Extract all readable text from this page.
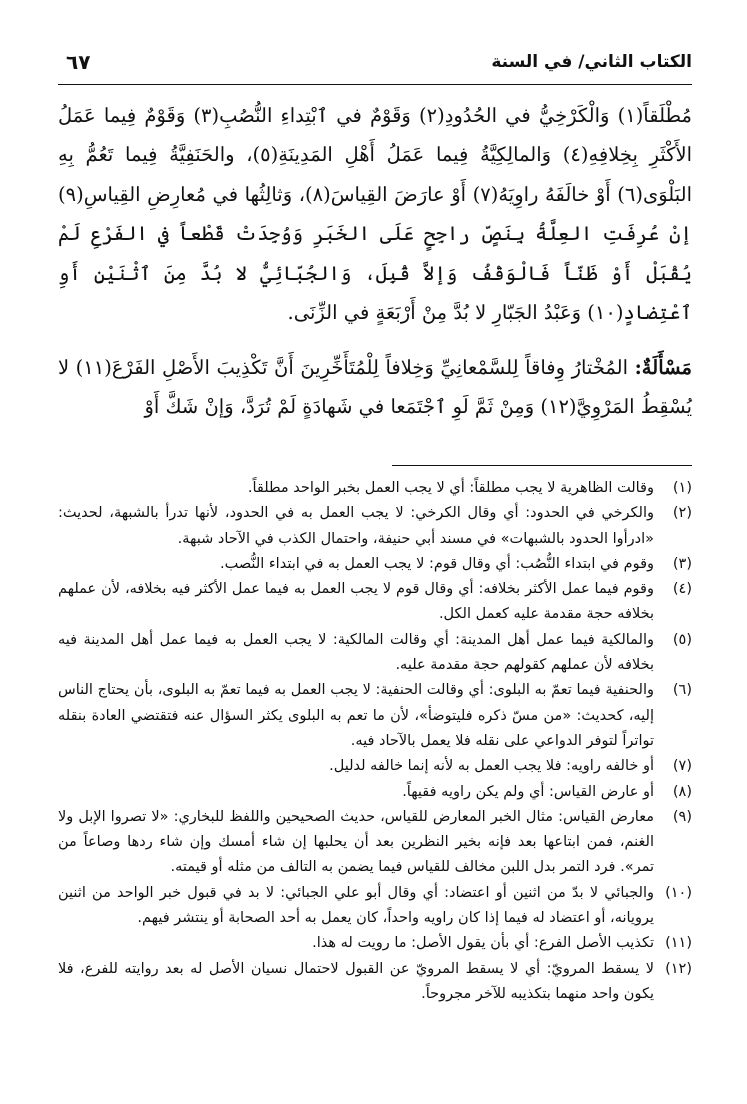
٦٧	الكتاب الثاني/ في السنة

مُطْلَقاً(١) وَالْكَرْخِيُّ في الحُدُودِ(٢) وَقَوْمٌ في ٱبْتِداءِ النُّصُبِ(٣) وَقَوْمٌ فِيما عَمَلُ الأَكْثَرِ بِخِلافِهِ(٤) وَالمالِكِيَّةُ فِيما عَمَلُ أَهْلِ المَدِينَةِ(٥)، والحَنَفِيَّةُ فِيما تَعُمُّ بِهِ البَلْوَى(٦) أَوْ خالَفَهُ راوِيَهُ(٧) أَوْ عارَضَ القِياسَ(٨)، وَثالِثُها في مُعارِضِ القِياسِ(٩) إنْ عُرِفَتِ العِلَّةُ بِنَصٍّ راجِحٍ عَلَى الخَبَرِ وَوُجِدَتْ قَطْعاً في الفَرْعِ لَمْ يُقْبَلْ أَوْ ظَنّاً فَالْوَقْفُ وَإلاَّ قُبِلَ، وَالجُبّائِيُّ لا بُدَّ مِنَ ٱثْنَيْنِ أَوِ ٱعْتِضادٍ(١٠) وَعَبْدُ الجَبّارِ لا بُدَّ مِنْ أَرْبَعَةٍ في الزِّنَى.

مَسْأَلَةٌ: المُخْتارُ وِفاقاً لِلسَّمْعانِيِّ وَخِلافاً لِلْمُتَأَخِّرِينَ أَنَّ تَكْذِيبَ الأَصْلِ الفَرْعَ(١١) لا يُسْقِطُ المَرْوِيَّ(١٢) وَمِنْ ثَمَّ لَوِ ٱجْتَمَعا في شَهادَةٍ لَمْ تُرَدَّ، وَإنْ شَكَّ أَوْ

(١)
وقالت الظاهرية لا يجب مطلقاً: أي لا يجب العمل بخبر الواحد مطلقاً.
(٢)
والكرخي في الحدود: أي وقال الكرخي: لا يجب العمل به في الحدود، لأنها تدرأ بالشبهة، لحديث: «ادرأوا الحدود بالشبهات» في مسند أبي حنيفة، واحتمال الكذب في الآحاد شبهة.
(٣)
وقوم في ابتداء النُّصُب: أي وقال قوم: لا يجب العمل به في ابتداء النُّصب.
(٤)
وقوم فيما عمل الأكثر بخلافه: أي وقال قوم لا يجب العمل به فيما عمل الأكثر فيه بخلافه، لأن عملهم بخلافه حجة مقدمة عليه كعمل الكل.
(٥)
والمالكية فيما عمل أهل المدينة: أي وقالت المالكية: لا يجب العمل به فيما عمل أهل المدينة فيه بخلافه لأن عملهم كقولهم حجة مقدمة عليه.
(٦)
والحنفية فيما تعمّ به البلوى: أي وقالت الحنفية: لا يجب العمل به فيما تعمّ به البلوى، بأن يحتاج الناس إليه، كحديث: «من مسّ ذكره فليتوضأ»، لأن ما تعم به البلوى يكثر السؤال عنه فتقتضي العادة بنقله تواتراً لتوفر الدواعي على نقله فلا يعمل بالآحاد فيه.
(٧)
أو خالفه راويه: فلا يجب العمل به لأنه إنما خالفه لدليل.
(٨)
أو عارض القياس: أي ولم يكن راويه فقيهاً.
(٩)
معارض القياس: مثال الخبر المعارض للقياس، حديث الصحيحين واللفظ للبخاري: «لا تصروا الإبل ولا الغنم، فمن ابتاعها بعد فإنه بخير النظرين بعد أن يحلبها إن شاء أمسك وإن شاء ردها وصاعاً من تمر». فرد التمر بدل اللبن مخالف للقياس فيما يضمن به التالف من مثله أو قيمته.
(١٠)
والجبائي لا بدّ من اثنين أو اعتضاد: أي وقال أبو علي الجبائي: لا بد في قبول خبر الواحد من اثنين يرويانه، أو اعتضاد له فيما إذا كان راويه واحداً، كان يعمل به أحد الصحابة أو ينتشر فيهم.
(١١)
تكذيب الأصل الفرع: أي بأن يقول الأصل: ما رويت له هذا.
(١٢)
لا يسقط المرويّ: أي لا يسقط المرويّ عن القبول لاحتمال نسيان الأصل له بعد روايته للفرع، فلا يكون واحد منهما بتكذيبه للآخر مجروحاً.
